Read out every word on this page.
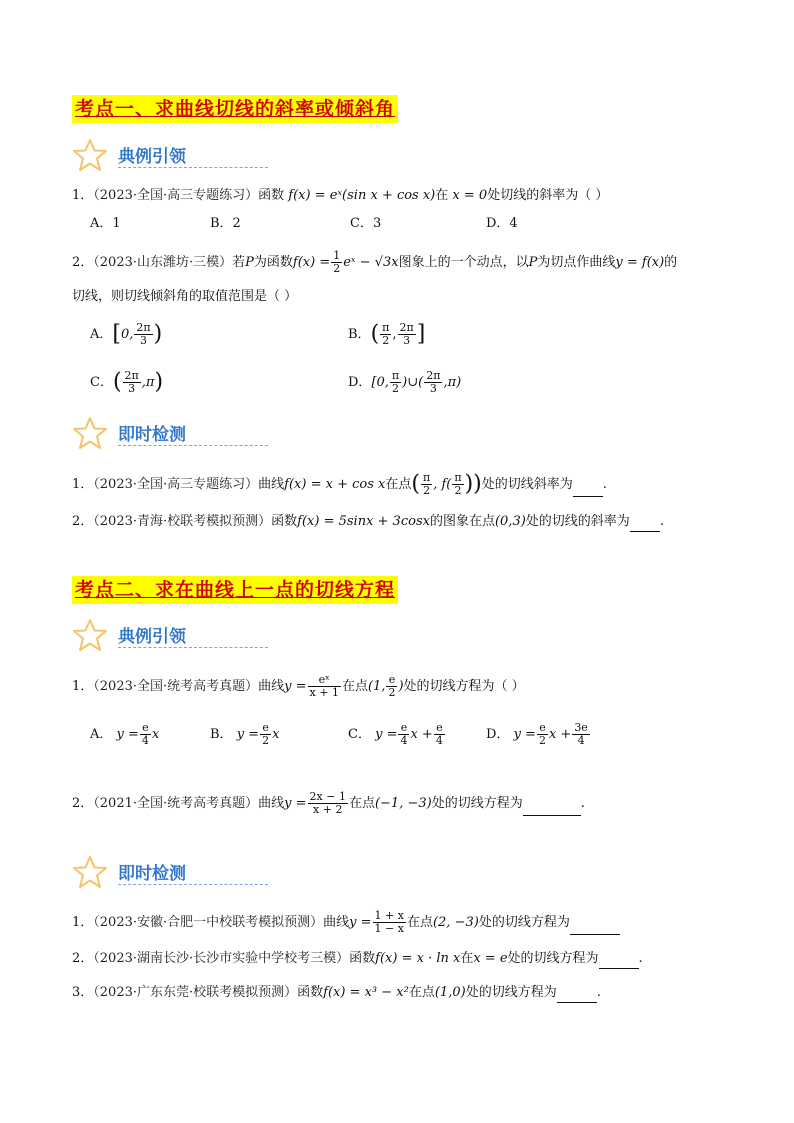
考点一、求曲线切线的斜率或倾斜角
典例引领
1．（2023·全国·高三专题练习）函数 f(x) = eˣ(sin x + cos x)在 x = 0处切线的斜率为（ ）
A．1	B．2	C．3	D．4
2．（2023·山东潍坊·三模）若P为函数$f(x) = \frac{1}{2}$ eˣ − √3x图象上的一个动点，以P为切点作曲线y = f(x)的
切线，则切线倾斜角的取值范围是（ ）
A．[0, $\frac{2\pi}{3}$ )	B．( $\frac{\pi}{2}$ , $\frac{2\pi}{3}$ ]
C．( $\frac{2\pi}{3} ,\pi$)	D．[0, $\frac{\pi}{2}$ )∪( $\frac{2\pi}{3} ,\pi$)
即时检测
1．（2023·全国·高三专题练习）曲线f(x) = x + cos x在点( $\frac{\pi}{2}$ , $f( \frac{\pi}{2}$ ))处的切线斜率为 .
2．（2023·青海·校联考模拟预测）函数f(x) = 5sinx + 3cosx的图象在点(0,3)处的切线的斜率为 .
考点二、求在曲线上一点的切线方程
典例引领
1．（2023·全国·统考高考真题）曲线$y = \frac{\text{eˣ}}{x + 1}$ 在点(1, $\frac{e}{2}$ )处的切线方程为（ ）
A． $y = \frac{e}{4}$ x	B． $y = \frac{e}{2}$ x	C． $y = \frac{e}{4}$ $x + \frac{e}{4}$	D． $y = \frac{e}{2}$ $x + \frac{3e}{4}$
2．（2021·全国·统考高考真题）曲线$y = \frac{2x - 1}{x + 2}$ 在点(−1, −3)处的切线方程为	.
即时检测
1．（2023·安徽·合肥一中校联考模拟预测）曲线$y = \frac{1 + x}{1 - x}$ 在点(2, −3)处的切线方程为
2．（2023·湖南长沙·长沙市实验中学校考三模）函数f(x) = x · ln x在x = e处的切线方程为	.
3．（2023·广东东莞·校联考模拟预测）函数f(x) = x³ − x²在点(1,0)处的切线方程为	.
